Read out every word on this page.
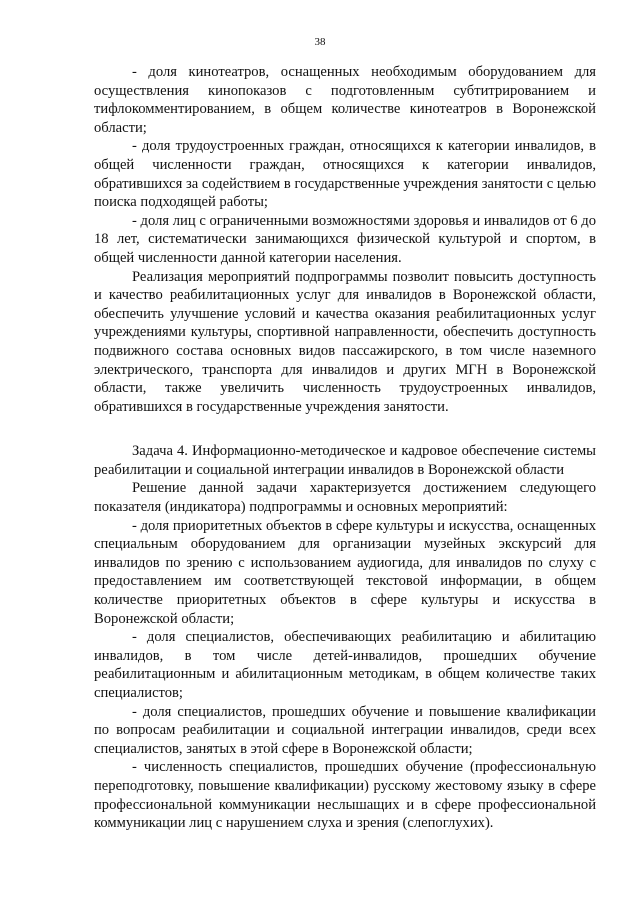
38

- доля кинотеатров, оснащенных необходимым оборудованием для осуществления кинопоказов с подготовленным субтитрированием и тифлокомментированием, в общем количестве кинотеатров в Воронежской области;

- доля трудоустроенных граждан, относящихся к категории инвалидов, в общей численности граждан, относящихся к категории инвалидов, обратившихся за содействием в государственные учреждения занятости с целью поиска подходящей работы;

- доля лиц с ограниченными возможностями здоровья и инвалидов от 6 до 18 лет, систематически занимающихся физической культурой и спортом, в общей численности данной категории населения.

Реализация мероприятий подпрограммы позволит повысить доступность и качество реабилитационных услуг для инвалидов в Воронежской области, обеспечить улучшение условий и качества оказания реабилитационных услуг учреждениями культуры, спортивной направленности, обеспечить доступность подвижного состава основных видов пассажирского, в том числе наземного электрического, транспорта для инвалидов и других МГН в Воронежской области, также увеличить численность трудоустроенных инвалидов, обратившихся в государственные учреждения занятости.

Задача 4. Информационно-методическое и кадровое обеспечение системы реабилитации и социальной интеграции инвалидов в Воронежской области

Решение данной задачи характеризуется достижением следующего показателя (индикатора) подпрограммы и основных мероприятий:

- доля приоритетных объектов в сфере культуры и искусства, оснащенных специальным оборудованием для организации музейных экскурсий для инвалидов по зрению с использованием аудиогида, для инвалидов по слуху с предоставлением им соответствующей текстовой информации, в общем количестве приоритетных объектов в сфере культуры и искусства в Воронежской области;

- доля специалистов, обеспечивающих реабилитацию и абилитацию инвалидов, в том числе детей-инвалидов, прошедших обучение реабилитационным и абилитационным методикам, в общем количестве таких специалистов;

- доля специалистов, прошедших обучение и повышение квалификации по вопросам реабилитации и социальной интеграции инвалидов, среди всех специалистов, занятых в этой сфере в Воронежской области;

- численность специалистов, прошедших обучение (профессиональную переподготовку, повышение квалификации) русскому жестовому языку в сфере профессиональной коммуникации неслышащих и в сфере профессиональной коммуникации лиц с нарушением слуха и зрения (слепоглухих).
